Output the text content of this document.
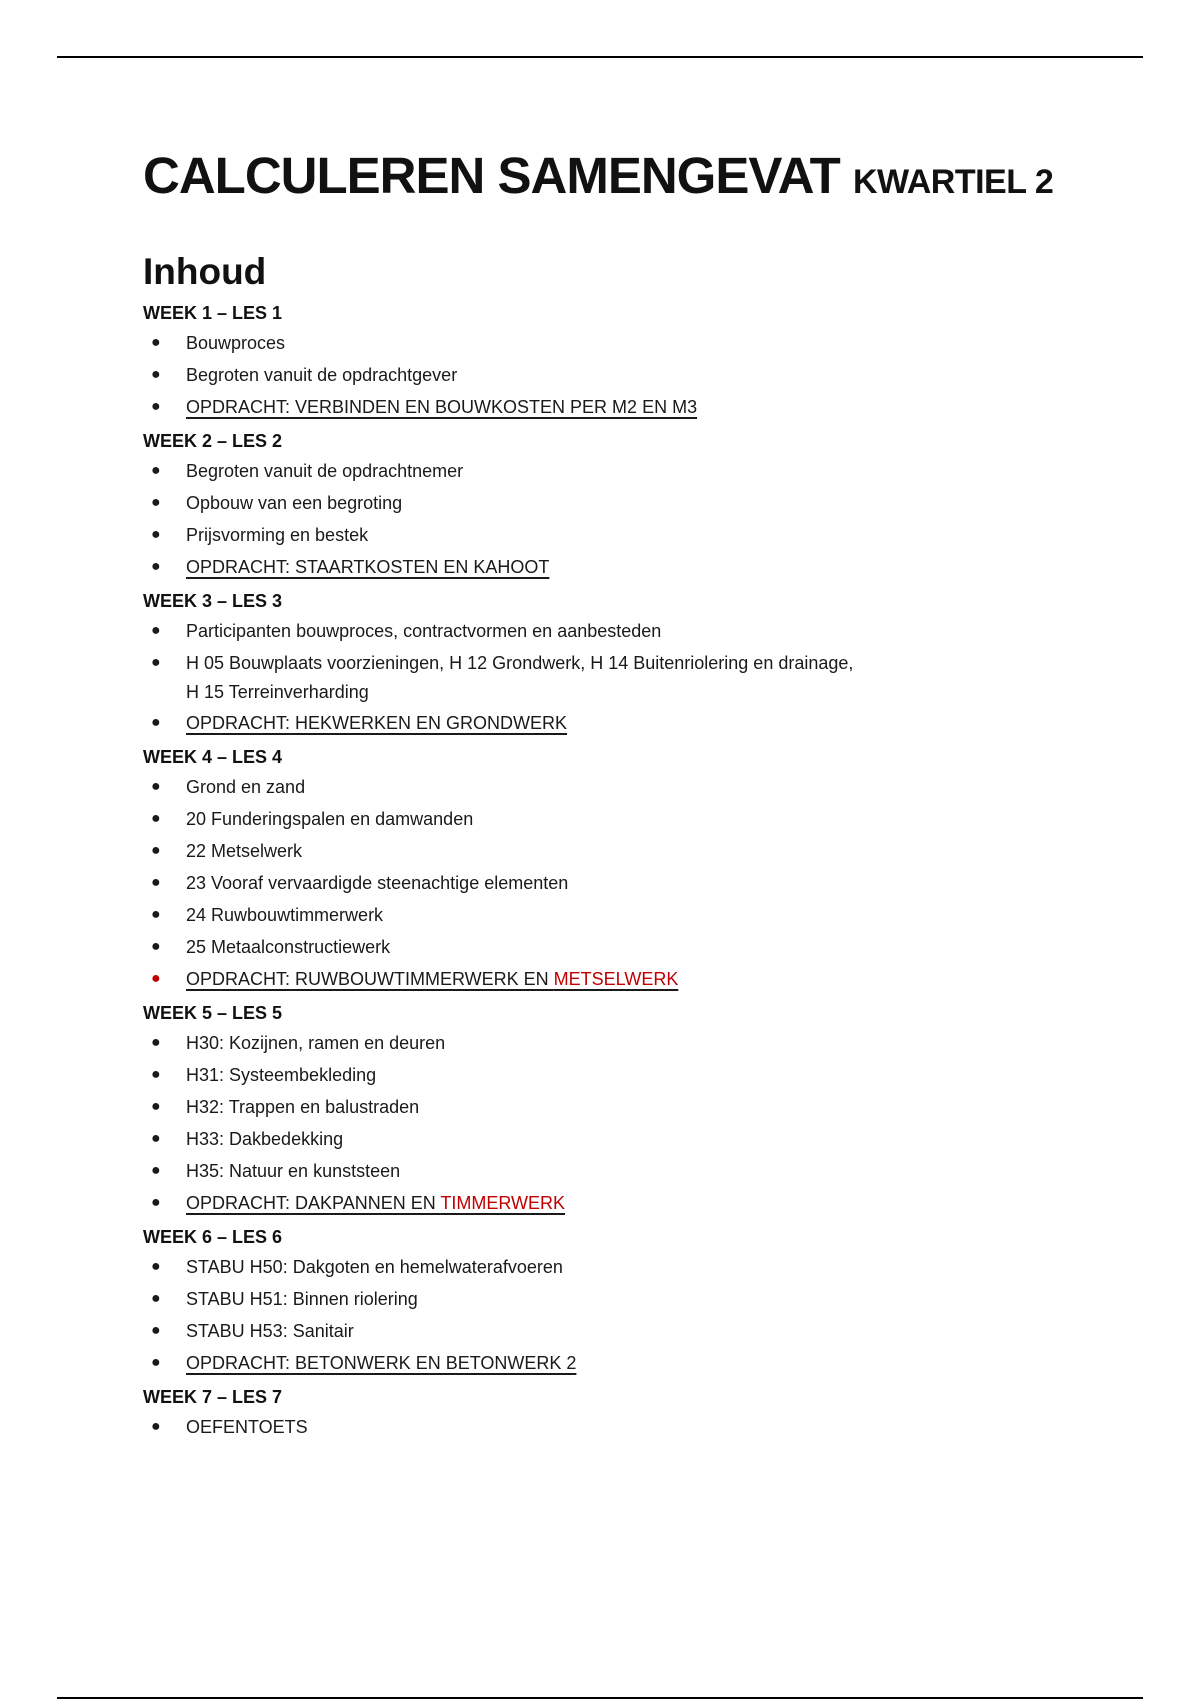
CALCULEREN SAMENGEVAT KWARTIEL 2
Inhoud
WEEK 1 – LES 1
● Bouwproces
● Begroten vanuit de opdrachtgever
● OPDRACHT: VERBINDEN EN BOUWKOSTEN PER M2 EN M3
WEEK 2 – LES 2
● Begroten vanuit de opdrachtnemer
● Opbouw van een begroting
● Prijsvorming en bestek
● OPDRACHT: STAARTKOSTEN EN KAHOOT
WEEK 3 – LES 3
● Participanten bouwproces, contractvormen en aanbesteden
● H 05 Bouwplaats voorzieningen, H 12 Grondwerk, H 14 Buitenriolering en drainage,
H 15 Terreinverharding
● OPDRACHT: HEKWERKEN EN GRONDWERK
WEEK 4 – LES 4
● Grond en zand
● 20 Funderingspalen en damwanden
● 22 Metselwerk
● 23 Vooraf vervaardigde steenachtige elementen
● 24 Ruwbouwtimmerwerk
● 25 Metaalconstructiewerk
● OPDRACHT: RUWBOUWTIMMERWERK EN METSELWERK
WEEK 5 – LES 5
● H30: Kozijnen, ramen en deuren
● H31: Systeembekleding
● H32: Trappen en balustraden
● H33: Dakbedekking
● H35: Natuur en kunststeen
● OPDRACHT: DAKPANNEN EN TIMMERWERK
WEEK 6 – LES 6
● STABU H50: Dakgoten en hemelwaterafvoeren
● STABU H51: Binnen riolering
● STABU H53: Sanitair
● OPDRACHT: BETONWERK EN BETONWERK 2
WEEK 7 – LES 7
● OEFENTOETS
